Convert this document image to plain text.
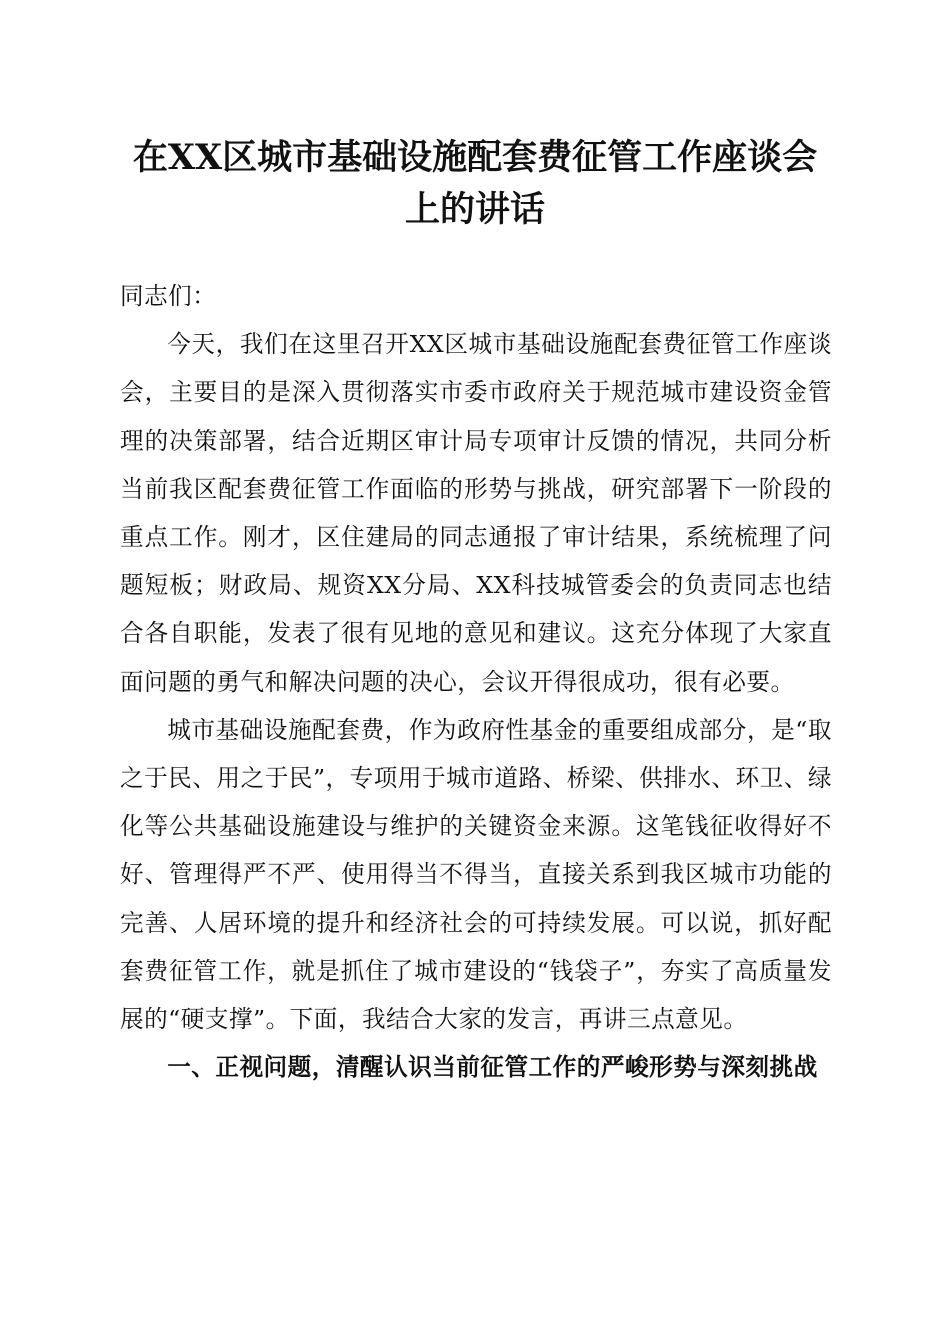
在XX区城市基础设施配套费征管工作座谈会
上的讲话

同志们：

今天，我们在这里召开XX区城市基础设施配套费征管工作座谈会，主要目的是深入贯彻落实市委市政府关于规范城市建设资金管理的决策部署，结合近期区审计局专项审计反馈的情况，共同分析当前我区配套费征管工作面临的形势与挑战，研究部署下一阶段的重点工作。刚才，区住建局的同志通报了审计结果，系统梳理了问题短板；财政局、规资XX分局、XX科技城管委会的负责同志也结合各自职能，发表了很有见地的意见和建议。这充分体现了大家直面问题的勇气和解决问题的决心，会议开得很成功，很有必要。

城市基础设施配套费，作为政府性基金的重要组成部分，是“取之于民、用之于民”，专项用于城市道路、桥梁、供排水、环卫、绿化等公共基础设施建设与维护的关键资金来源。这笔钱征收得好不好、管理得严不严、使用得当不得当，直接关系到我区城市功能的完善、人居环境的提升和经济社会的可持续发展。可以说，抓好配套费征管工作，就是抓住了城市建设的“钱袋子”，夯实了高质量发展的“硬支撑”。下面，我结合大家的发言，再讲三点意见。

一、正视问题，清醒认识当前征管工作的严峻形势与深刻挑战
